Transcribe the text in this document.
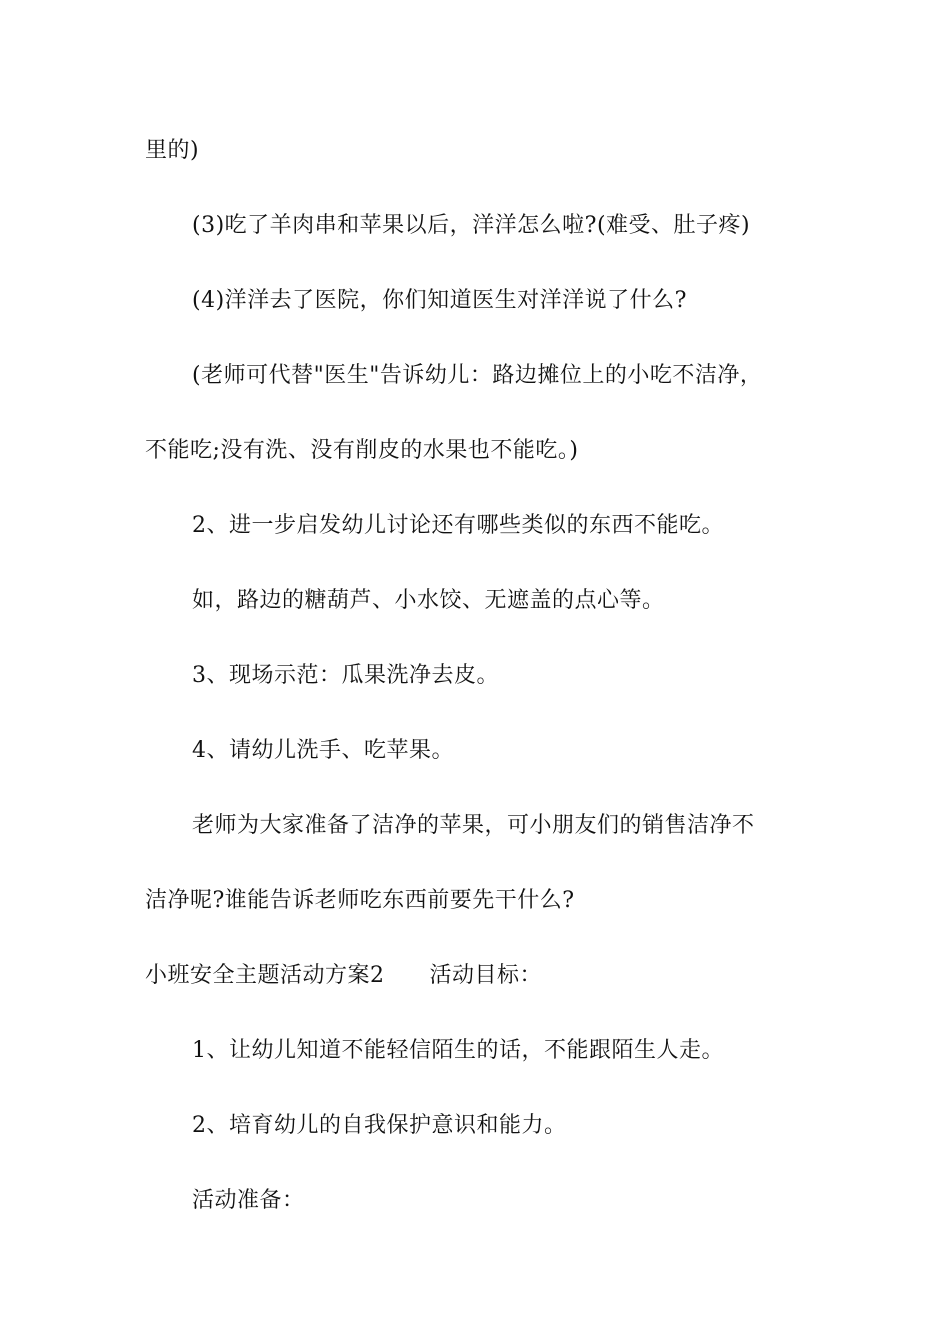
里的)
(3)吃了羊肉串和苹果以后，洋洋怎么啦?(难受、肚子疼)
(4)洋洋去了医院，你们知道医生对洋洋说了什么?
(老师可代替"医生"告诉幼儿：路边摊位上的小吃不洁净，
不能吃;没有洗、没有削皮的水果也不能吃。)
2、进一步启发幼儿讨论还有哪些类似的东西不能吃。
如，路边的糖葫芦、小水饺、无遮盖的点心等。
3、现场示范：瓜果洗净去皮。
4、请幼儿洗手、吃苹果。
老师为大家准备了洁净的苹果，可小朋友们的销售洁净不
洁净呢?谁能告诉老师吃东西前要先干什么?
小班安全主题活动方案2　　活动目标：
1、让幼儿知道不能轻信陌生的话，不能跟陌生人走。
2、培育幼儿的自我保护意识和能力。
活动准备：
